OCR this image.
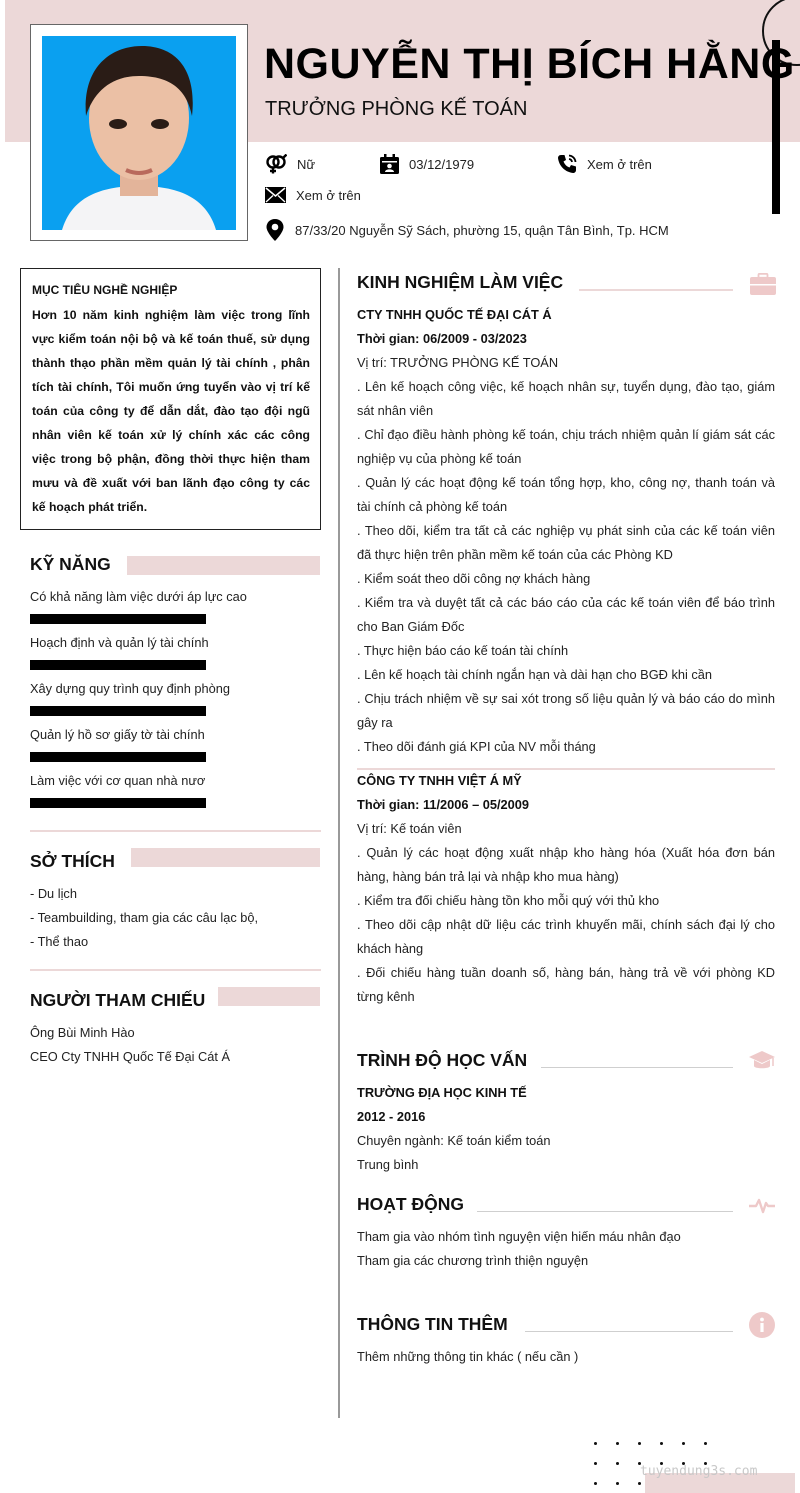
NGUYỄN THỊ BÍCH HẰNG
TRƯỞNG PHÒNG KẾ TOÁN
Nữ	03/12/1979	Xem ở trên
Xem ở trên
87/33/20 Nguyễn Sỹ Sách, phường 15, quận Tân Bình, Tp. HCM
MỤC TIÊU NGHỀ NGHIỆP
Hơn 10 năm kinh nghiệm làm việc trong lĩnh vực kiểm toán nội bộ và kế toán thuế, sử dụng thành thạo phần mềm quản lý tài chính , phân tích tài chính, Tôi muốn ứng tuyển vào vị trí kế toán của công ty để dẫn dắt, đào tạo đội ngũ nhân viên kế toán xử lý chính xác các công việc trong bộ phận, đồng thời thực hiện tham mưu và đề xuất với ban lãnh đạo công ty các kế hoạch phát triển.
KỸ NĂNG
Có khả năng làm việc dưới áp lực cao
Hoạch định và quản lý tài chính
Xây dựng quy trình quy định phòng
Quản lý hồ sơ giấy tờ tài chính
Làm việc với cơ quan nhà nươ
SỞ THÍCH
- Du lịch
- Teambuilding, tham gia các câu lạc bộ,
- Thể thao
NGƯỜI THAM CHIẾU
Ông Bùi Minh Hào
CEO Cty TNHH Quốc Tế Đại Cát Á
KINH NGHIỆM LÀM VIỆC
CTY TNHH QUỐC TẾ ĐẠI CÁT Á
Thời gian: 06/2009 - 03/2023
Vị trí: TRƯỞNG PHÒNG KẾ TOÁN
. Lên kế hoạch công việc, kế hoạch nhân sự, tuyển dụng, đào tạo, giám sát nhân viên
. Chỉ đạo điều hành phòng kế toán, chịu trách nhiệm quản lí giám sát các nghiệp vụ của phòng kế toán
. Quản lý các hoạt động kế toán tổng hợp, kho, công nợ, thanh toán và tài chính cả phòng kế toán
. Theo dõi, kiểm tra tất cả các nghiệp vụ phát sinh của các kế toán viên đã thực hiện trên phần mềm kế toán của các Phòng KD
. Kiểm soát theo dõi công nợ khách hàng
. Kiểm tra và duyệt tất cả các báo cáo của các kế toán viên để báo trình cho Ban Giám Đốc
. Thực hiện báo cáo kế toán tài chính
. Lên kế hoạch tài chính ngắn hạn và dài hạn cho BGĐ khi cần
. Chịu trách nhiệm về sự sai xót trong số liệu quản lý và báo cáo do mình gây ra
. Theo dõi đánh giá KPI của NV mỗi tháng
CÔNG TY TNHH VIỆT Á MỸ
Thời gian: 11/2006 – 05/2009
Vị trí: Kế toán viên
. Quản lý các hoạt động xuất nhập kho hàng hóa (Xuất hóa đơn bán hàng, hàng bán trả lại và nhập kho mua hàng)
. Kiểm tra đối chiếu hàng tồn kho mỗi quý với thủ kho
. Theo dõi cập nhật dữ liệu các trình khuyến mãi, chính sách đại lý cho khách hàng
. Đối chiếu hàng tuần doanh số, hàng bán, hàng trả về với phòng KD từng kênh
TRÌNH ĐỘ HỌC VẤN
TRƯỜNG ĐỊA HỌC KINH TẾ
2012 - 2016
Chuyên ngành: Kế toán kiểm toán
Trung bình
HOẠT ĐỘNG
Tham gia vào nhóm tình nguyện viện hiến máu nhân đạo
Tham gia các chương trình thiện nguyện
THÔNG TIN THÊM
Thêm những thông tin khác ( nếu cần )
tuyendung3s.com
